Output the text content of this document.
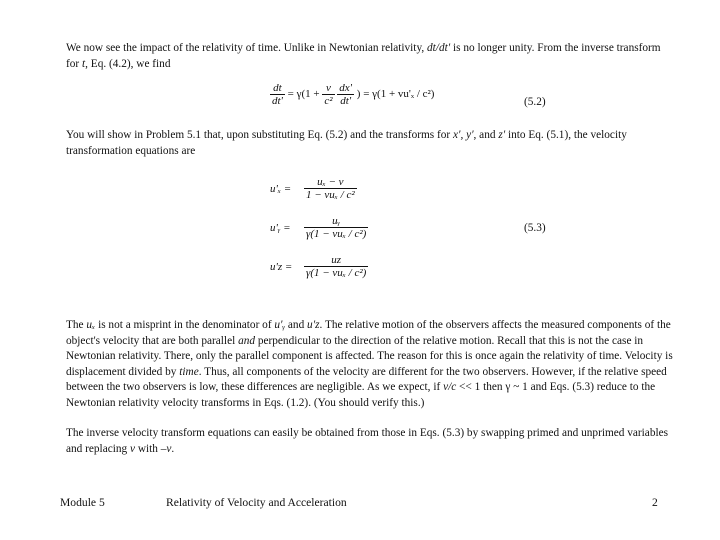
We now see the impact of the relativity of time. Unlike in Newtonian relativity, dt/dt' is no longer unity. From the inverse transform for t, Eq. (4.2), we find

$\frac{dt}{dt'} = \gamma(1 + \frac{v}{\text{c²}}$
$\frac{dx'}{dt'}$ ) = γ(1 + vu'ₓ / c²)
(5.2)

You will show in Problem 5.1 that, upon substituting Eq. (5.2) and the transforms for x', y', and z' into Eq. (5.1), the velocity transformation equations are

u'ₓ =	$\frac{\text{uₓ − v}}{\text{1 − vuₓ / c²}}$
u'ᵧ =	$\frac{\text{uᵧ}}{\text{γ(1 − vuₓ / c²)}}$
u'z =	$\frac{uz}{\text{γ(1 − vuₓ / c²)}}$
(5.3)

The uₓ is not a misprint in the denominator of u'ᵧ and u'z. The relative motion of the observers affects the measured components of the object's velocity that are both parallel and perpendicular to the direction of the relative motion. Recall that this is not the case in Newtonian relativity. There, only the parallel component is affected. The reason for this is once again the relativity of time. Velocity is displacement divided by time. Thus, all components of the velocity are different for the two observers. However, if the relative speed between the two observers is low, these differences are negligible. As we expect, if v/c << 1 then γ ~ 1 and Eqs. (5.3) reduce to the Newtonian relativity velocity transforms in Eqs. (1.2). (You should verify this.)

The inverse velocity transform equations can easily be obtained from those in Eqs. (5.3) by swapping primed and unprimed variables and replacing v with –v.

Module 5	Relativity of Velocity and Acceleration	2
